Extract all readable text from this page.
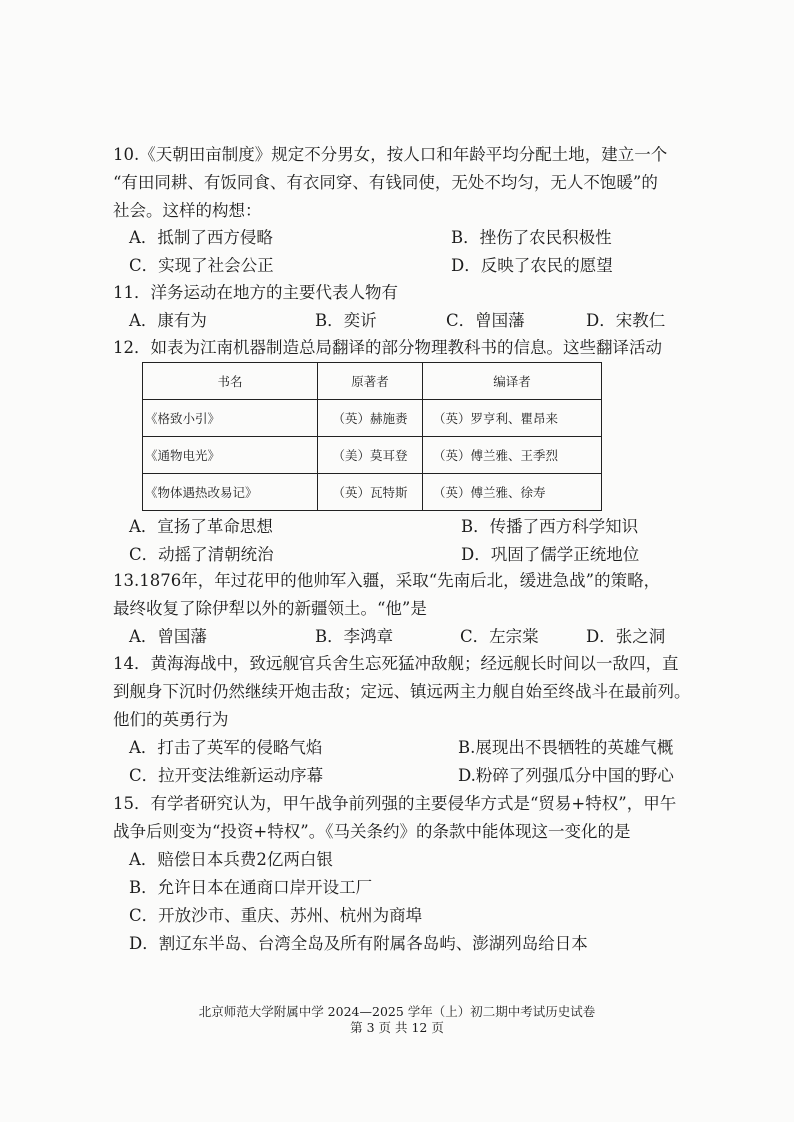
10.《天朝田亩制度》规定不分男女，按人口和年龄平均分配土地，建立一个
“有田同耕、有饭同食、有衣同穿、有钱同使，无处不均匀，无人不饱暖”的
社会。这样的构想：
A．抵制了西方侵略	B．挫伤了农民积极性
C．实现了社会公正	D．反映了农民的愿望
11．洋务运动在地方的主要代表人物有
A．康有为	B．奕䜣	C．曾国藩	D．宋教仁
12．如表为江南机器制造总局翻译的部分物理教科书的信息。这些翻译活动
书名	原著者	编译者
《格致小引》	（英）赫施赉	（英）罗亨利、瞿昂来
《通物电光》	（美）莫耳登	（英）傅兰雅、王季烈
《物体遇热改易记》	（英）瓦特斯	（英）傅兰雅、徐寿
A．宣扬了革命思想	B．传播了西方科学知识
C．动摇了清朝统治	D．巩固了儒学正统地位
13.1876年，年过花甲的他帅军入疆，采取“先南后北，缓进急战”的策略，
最终收复了除伊犁以外的新疆领土。“他”是
A．曾国藩	B．李鸿章	C．左宗棠	D．张之洞
14．黄海海战中，致远舰官兵舍生忘死猛冲敌舰；经远舰长时间以一敌四，直
到舰身下沉时仍然继续开炮击敌；定远、镇远两主力舰自始至终战斗在最前列。
他们的英勇行为
A．打击了英军的侵略气焰	B.展现出不畏牺牲的英雄气概
C．拉开变法维新运动序幕	D.粉碎了列强瓜分中国的野心
15．有学者研究认为，甲午战争前列强的主要侵华方式是“贸易+特权”，甲午
战争后则变为“投资+特权”。《马关条约》的条款中能体现这一变化的是
A．赔偿日本兵费2亿两白银
B．允许日本在通商口岸开设工厂
C．开放沙市、重庆、苏州、杭州为商埠
D．割辽东半岛、台湾全岛及所有附属各岛屿、澎湖列岛给日本
北京师范大学附属中学 2024—2025 学年（上）初二期中考试历史试卷
第 3 页 共 12 页
